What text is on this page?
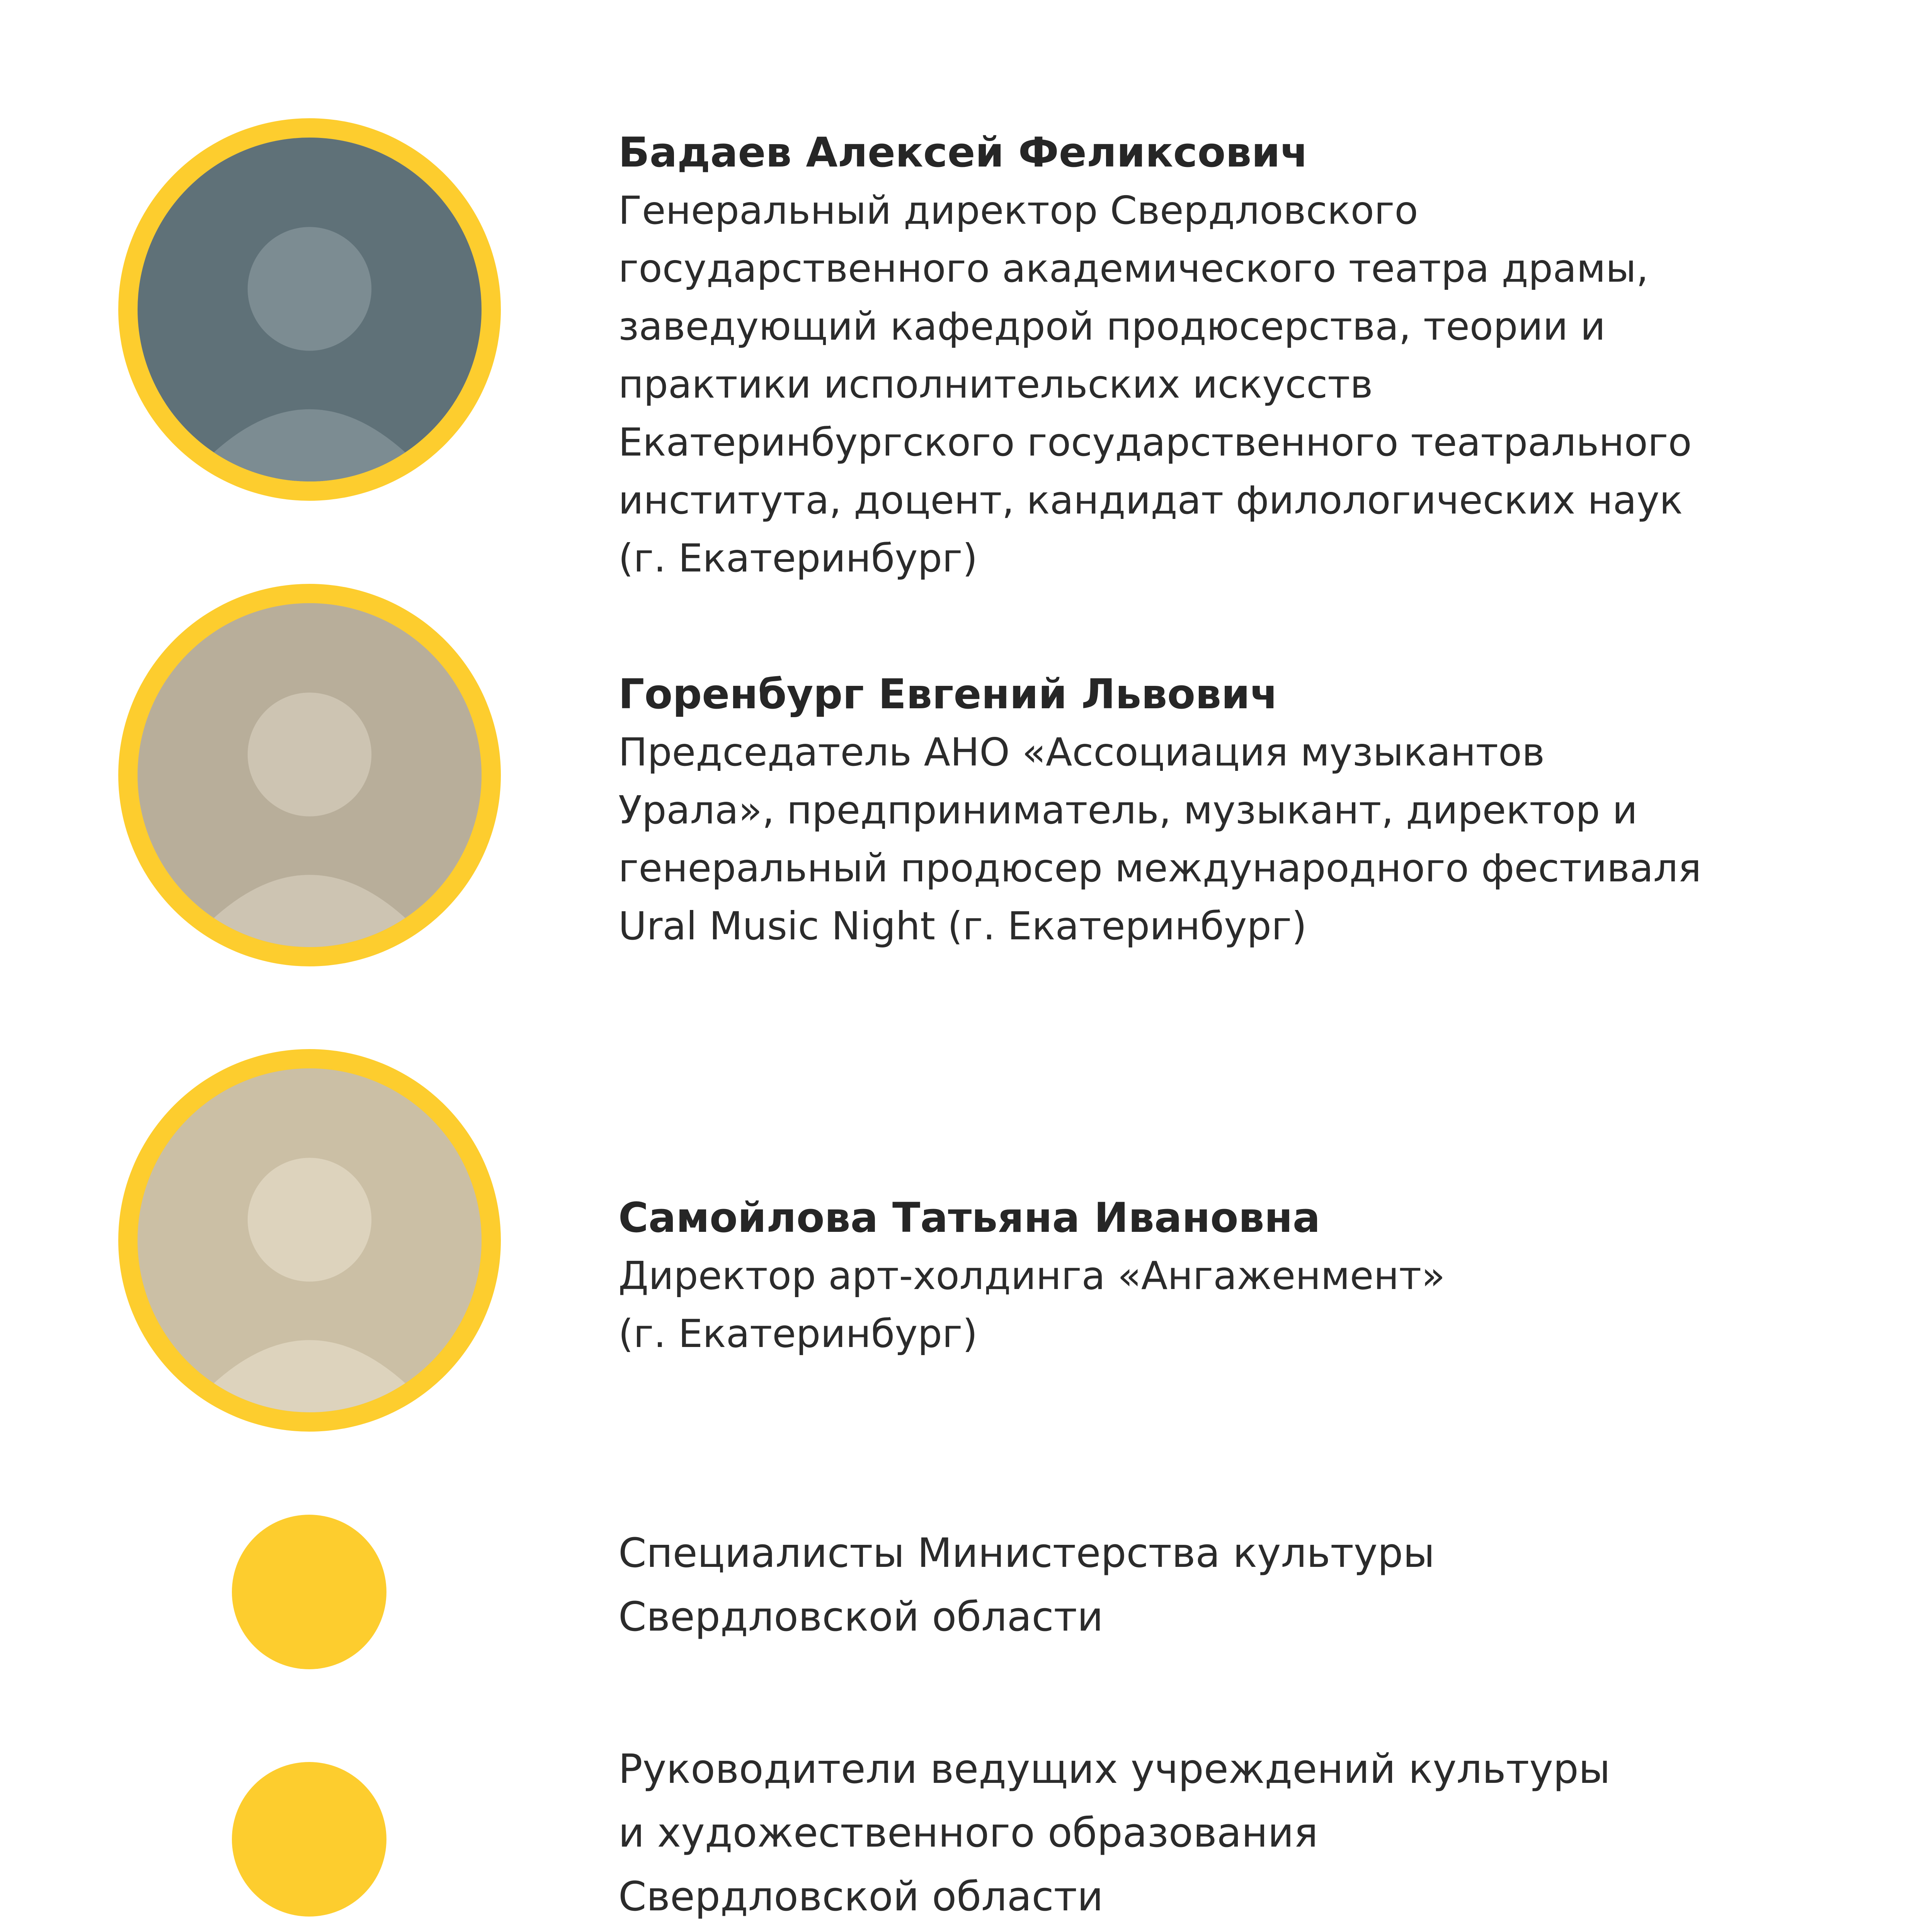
Бадаев Алексей Феликсович
Генеральный директор Свердловского
государственного академического театра драмы,
заведующий кафедрой продюсерства, теории и
практики исполнительских искусств
Екатеринбургского государственного театрального
института, доцент, кандидат филологических наук
(г. Екатеринбург)
Горенбург Евгений Львович
Председатель АНО «Ассоциация музыкантов
Урала», предприниматель, музыкант, директор и
генеральный продюсер международного фестиваля
Ural Music Night (г. Екатеринбург)
Самойлова Татьяна Ивановна
Директор арт-холдинга «Ангаженмент»
(г. Екатеринбург)
Специалисты Министерства культуры
Свердловской области
Руководители ведущих учреждений культуры
и художественного образования
Свердловской области
